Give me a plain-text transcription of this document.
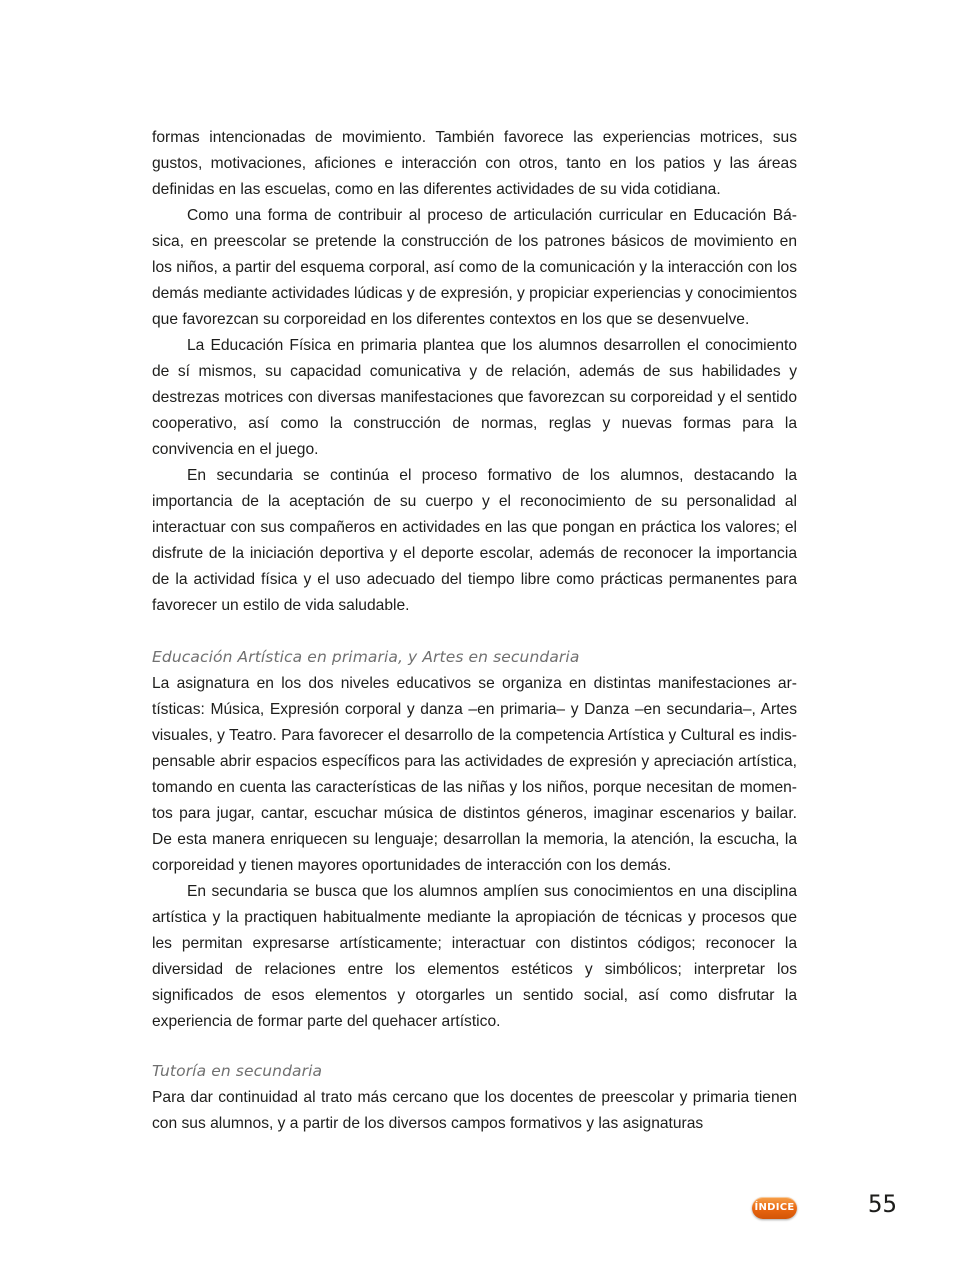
formas intencionadas de movimiento. También favorece las experiencias motrices, sus gustos, motivaciones, aficiones e interacción con otros, tanto en los patios y las áreas definidas en las escuelas, como en las diferentes actividades de su vida cotidiana.

Como una forma de contribuir al proceso de articulación curricular en Educación Básica, en preescolar se pretende la construcción de los patrones básicos de movimiento en los niños, a partir del esquema corporal, así como de la comunicación y la interacción con los demás mediante actividades lúdicas y de expresión, y propiciar experiencias y conocimientos que favorezcan su corporeidad en los diferentes contextos en los que se desenvuelve.

La Educación Física en primaria plantea que los alumnos desarrollen el conocimiento de sí mismos, su capacidad comunicativa y de relación, además de sus habilidades y destrezas motrices con diversas manifestaciones que favorezcan su corporeidad y el sentido cooperativo, así como la construcción de normas, reglas y nuevas formas para la convivencia en el juego.

En secundaria se continúa el proceso formativo de los alumnos, destacando la importancia de la aceptación de su cuerpo y el reconocimiento de su personalidad al interactuar con sus compañeros en actividades en las que pongan en práctica los valores; el disfrute de la iniciación deportiva y el deporte escolar, además de reconocer la importancia de la actividad física y el uso adecuado del tiempo libre como prácticas permanentes para favorecer un estilo de vida saludable.

Educación Artística en primaria, y Artes en secundaria

La asignatura en los dos niveles educativos se organiza en distintas manifestaciones artísticas: Música, Expresión corporal y danza –en primaria– y Danza –en secundaria–, Artes visuales, y Teatro. Para favorecer el desarrollo de la competencia Artística y Cultural es indispensable abrir espacios específicos para las actividades de expresión y apreciación artística, tomando en cuenta las características de las niñas y los niños, porque necesitan de momentos para jugar, cantar, escuchar música de distintos géneros, imaginar escenarios y bailar. De esta manera enriquecen su lenguaje; desarrollan la memoria, la atención, la escucha, la corporeidad y tienen mayores oportunidades de interacción con los demás.

En secundaria se busca que los alumnos amplíen sus conocimientos en una disciplina artística y la practiquen habitualmente mediante la apropiación de técnicas y procesos que les permitan expresarse artísticamente; interactuar con distintos códigos; reconocer la diversidad de relaciones entre los elementos estéticos y simbólicos; interpretar los significados de esos elementos y otorgarles un sentido social, así como disfrutar la experiencia de formar parte del quehacer artístico.

Tutoría en secundaria

Para dar continuidad al trato más cercano que los docentes de preescolar y primaria tienen con sus alumnos, y a partir de los diversos campos formativos y las asignaturas

ÍNDICE	55
